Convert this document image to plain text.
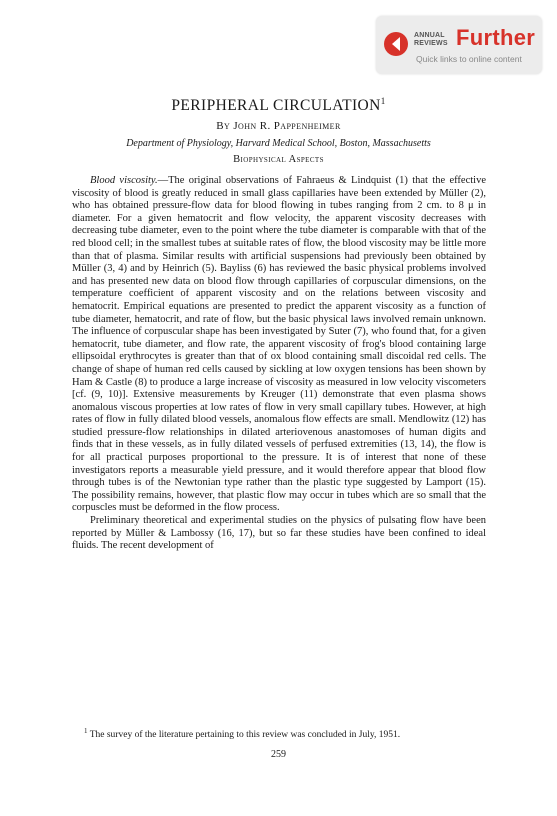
ANNUAL
REVIEWS Further
Quick links to online content
PERIPHERAL CIRCULATION$^1$
By John R. Pappenheimer
Department of Physiology, Harvard Medical School, Boston, Massachusetts
Biophysical Aspects

Blood viscosity.—The original observations of Fahraeus & Lindquist (1) that the effective viscosity of blood is greatly reduced in small glass capillaries have been extended by Müller (2), who has obtained pressure-flow data for blood flowing in tubes ranging from 2 cm. to 8 μ in diameter. For a given hematocrit and flow velocity, the apparent viscosity decreases with decreasing tube diameter, even to the point where the tube diameter is comparable with that of the red blood cell; in the smallest tubes at suitable rates of flow, the blood viscosity may be little more than that of plasma. Similar results with artificial suspensions had previously been obtained by Müller (3, 4) and by Heinrich (5). Bayliss (6) has reviewed the basic physical problems involved and has presented new data on blood flow through capillaries of corpuscular dimensions, on the temperature coefficient of apparent viscosity and on the relations between viscosity and hematocrit. Empirical equations are presented to predict the apparent viscosity as a function of tube diameter, hematocrit, and rate of flow, but the basic physical laws involved remain unknown. The influence of corpuscular shape has been investigated by Suter (7), who found that, for a given hematocrit, tube diameter, and flow rate, the apparent viscosity of frog's blood containing large ellipsoidal erythrocytes is greater than that of ox blood containing small discoidal red cells. The change of shape of human red cells caused by sickling at low oxygen tensions has been shown by Ham & Castle (8) to produce a large increase of viscosity as measured in low velocity viscometers [cf. (9, 10)]. Extensive measurements by Kreuger (11) demonstrate that even plasma shows anomalous viscous properties at low rates of flow in very small capillary tubes. However, at high rates of flow in fully dilated blood vessels, anomalous flow effects are small. Mendlowitz (12) has studied pressure-flow relationships in dilated arteriovenous anastomoses of human digits and finds that in these vessels, as in fully dilated vessels of perfused extremities (13, 14), the flow is for all practical purposes proportional to the pressure. It is of interest that none of these investigators reports a measurable yield pressure, and it would therefore appear that blood flow through tubes is of the Newtonian type rather than the plastic type suggested by Lamport (15). The possibility remains, however, that plastic flow may occur in tubes which are so small that the corpuscles must be deformed in the flow process.

Preliminary theoretical and experimental studies on the physics of pulsating flow have been reported by Müller & Lambossy (16, 17), but so far these studies have been confined to ideal fluids. The recent development of

$^1$ The survey of the literature pertaining to this review was concluded in July, 1951.
259
